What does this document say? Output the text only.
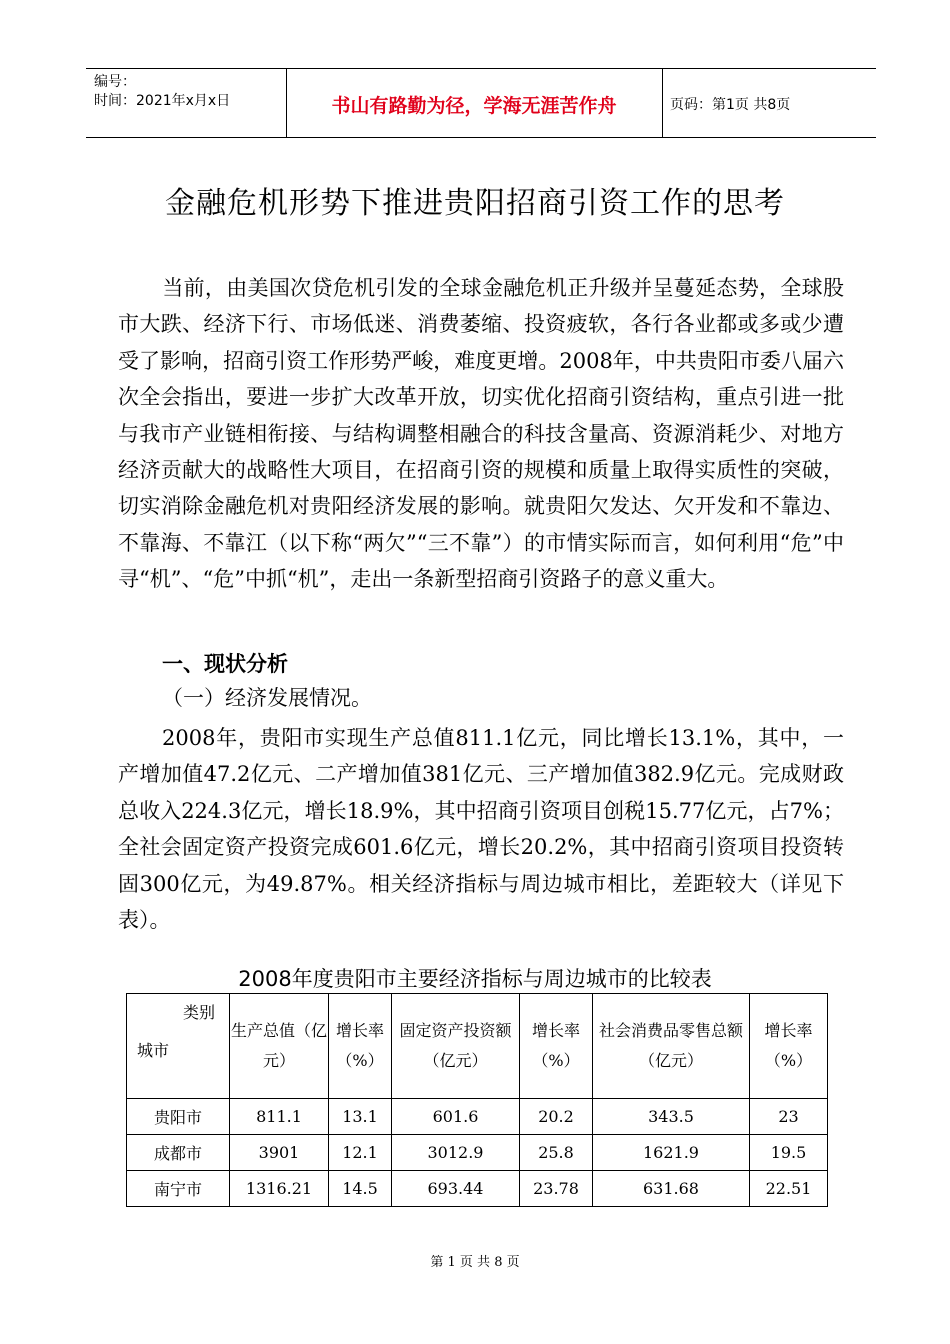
编号：
时间：2021年x月x日	书山有路勤为径，学海无涯苦作舟	页码：第1页 共8页
金融危机形势下推进贵阳招商引资工作的思考
当前，由美国次贷危机引发的全球金融危机正升级并呈蔓延态势，全球股市大跌、经济下行、市场低迷、消费萎缩、投资疲软，各行各业都或多或少遭受了影响，招商引资工作形势严峻，难度更增。2008年，中共贵阳市委八届六次全会指出，要进一步扩大改革开放，切实优化招商引资结构，重点引进一批与我市产业链相衔接、与结构调整相融合的科技含量高、资源消耗少、对地方经济贡献大的战略性大项目，在招商引资的规模和质量上取得实质性的突破，切实消除金融危机对贵阳经济发展的影响。就贵阳欠发达、欠开发和不靠边、不靠海、不靠江（以下称“两欠”“三不靠”）的市情实际而言，如何利用“危”中寻“机”、“危”中抓“机”，走出一条新型招商引资路子的意义重大。
一、现状分析
（一）经济发展情况。
2008年，贵阳市实现生产总值811.1亿元，同比增长13.1%，其中，一产增加值47.2亿元、二产增加值381亿元、三产增加值382.9亿元。完成财政总收入224.3亿元，增长18.9%，其中招商引资项目创税15.77亿元，占7%；全社会固定资产投资完成601.6亿元，增长20.2%，其中招商引资项目投资转固300亿元，为49.87%。相关经济指标与周边城市相比，差距较大（详见下表）。
2008年度贵阳市主要经济指标与周边城市的比较表
类别
城市	生产总值（亿元）	增长率（%）	固定资产投资额（亿元）	增长率（%）	社会消费品零售总额（亿元）	增长率（%）
贵阳市	811.1	13.1	601.6	20.2	343.5	23
成都市	3901	12.1	3012.9	25.8	1621.9	19.5
南宁市	1316.21	14.5	693.44	23.78	631.68	22.51
第 1 页 共 8 页
